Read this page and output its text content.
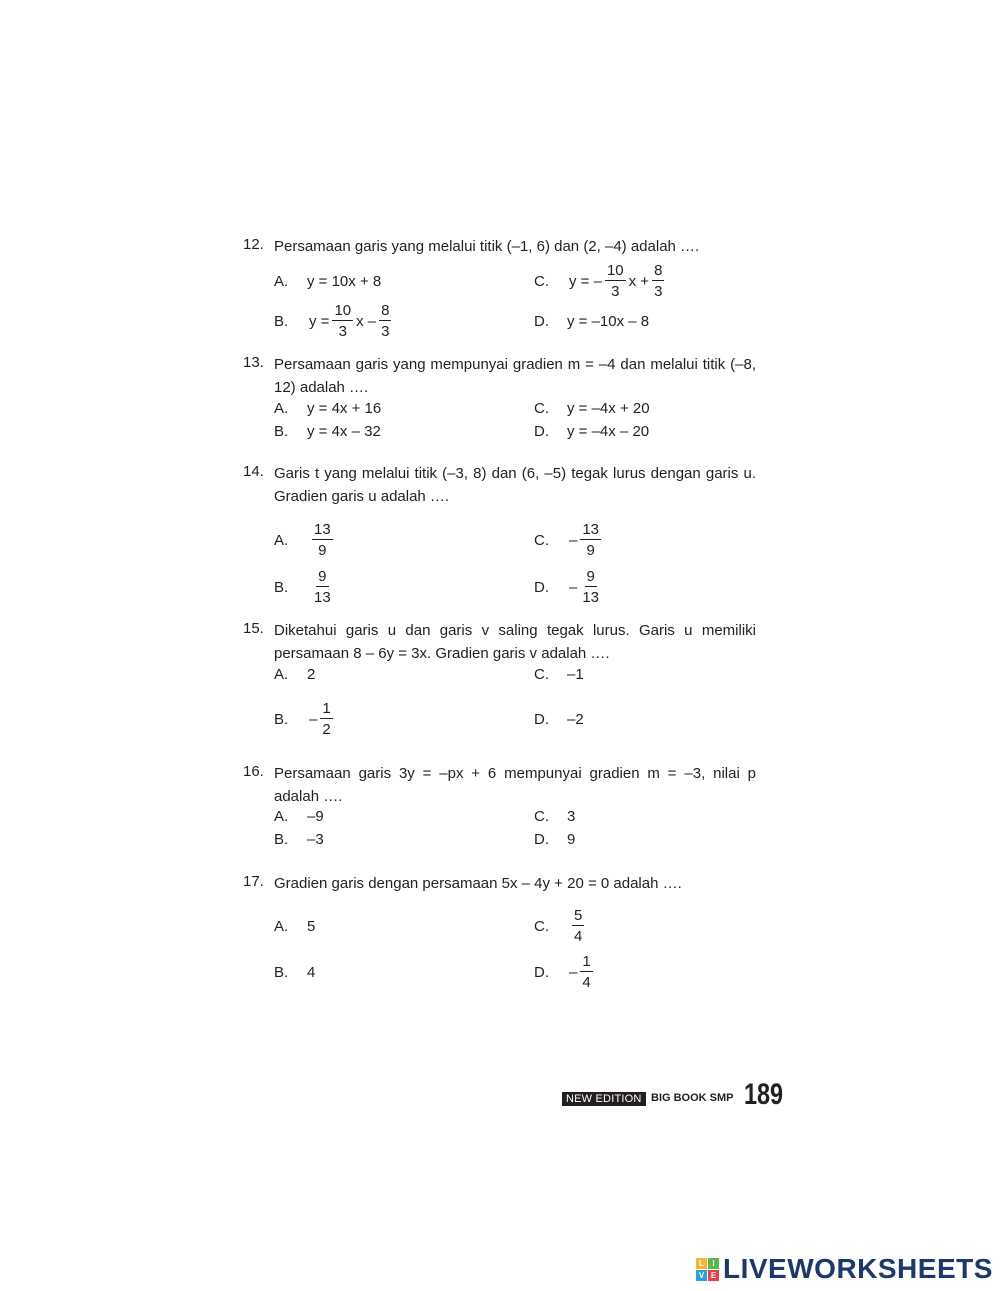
12. Persamaan garis yang melalui titik (–1, 6) dan (2, –4) adalah ….
A. y = 10x + 8	C. y = – $\frac{10}{3}$ $x + \frac{8}{3}$
B. $y = \frac{10}{3}$ x – $\frac{8}{3}$	D. y = –10x – 8
13. Persamaan garis yang mempunyai gradien m = –4 dan melalui titik (–8, 12) adalah ….
A. y = 4x + 16	C. y = –4x + 20
B. y = 4x – 32	D. y = –4x – 20
14. Garis t yang melalui titik (–3, 8) dan (6, –5) tegak lurus dengan garis u. Gradien garis u adalah ….
A. $\frac{13}{9}$	C. – $\frac{13}{9}$
B. $\frac{9}{13}$	D. – $\frac{9}{13}$
15. Diketahui garis u dan garis v saling tegak lurus. Garis u memiliki persamaan 8 – 6y = 3x. Gradien garis v adalah ….
A. 2	C. –1
B. – $\frac{1}{2}$	D. –2
16. Persamaan garis 3y = –px + 6 mempunyai gradien m = –3, nilai p adalah ….
A. –9	C. 3
B. –3	D. 9
17. Gradien garis dengan persamaan 5x – 4y + 20 = 0 adalah ….
A. 5	C. $\frac{5}{4}$
B. 4	D. – $\frac{1}{4}$
NEW EDITION BIG BOOK SMP 189
L	I
V E LIVEWORKSHEETS
